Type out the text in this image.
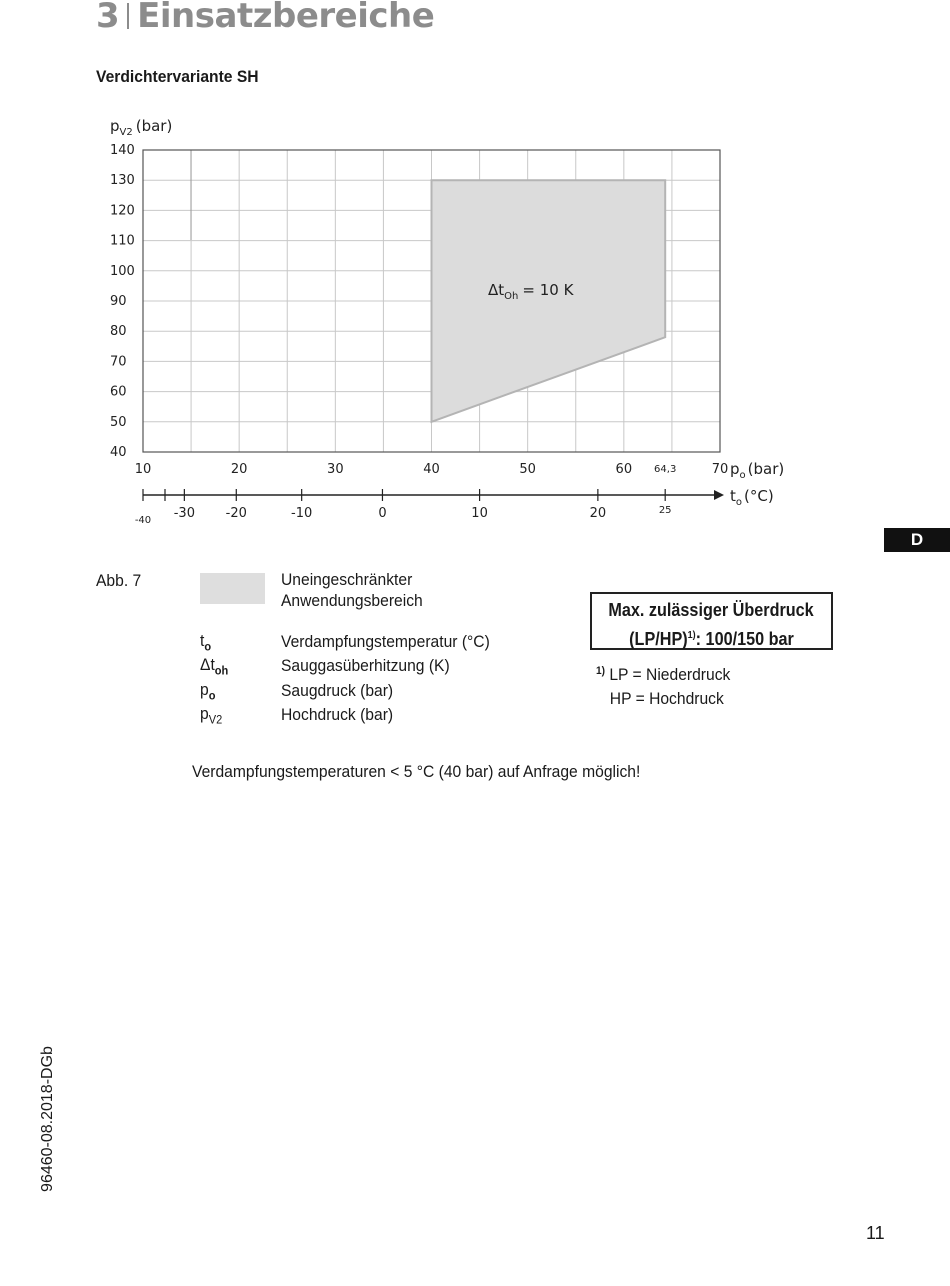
3 Einsatzbereiche
Verdichtervariante SH
40
50
60
70
80
90
100
110
120
130
140
10	20	30	40	50	60	70
64,3
$p_{V2}$ (bar)
$p_o$ (bar)
$t_o$ (°C)
-40 -30 -20	-10	0	10	20	25
$\Delta t_{Oh} = 10$ K
Abb. 7	Uneingeschränkter
Anwendungsbereich
$t_o$	Verdampfungstemperatur (°C)
$\Delta t_{oh}$	Sauggasüberhitzung (K)
$p_o$	Saugdruck (bar)
$p_{V2}$	Hochdruck (bar)
Max. zulässiger Überdruck
$(LP/HP)^{1)}$: 100/150 bar
$^{1)}$ LP = Niederdruck
HP = Hochdruck
Verdampfungstemperaturen < 5 °C (40 bar) auf Anfrage möglich!
D
96460-08.2018-DGb
11
